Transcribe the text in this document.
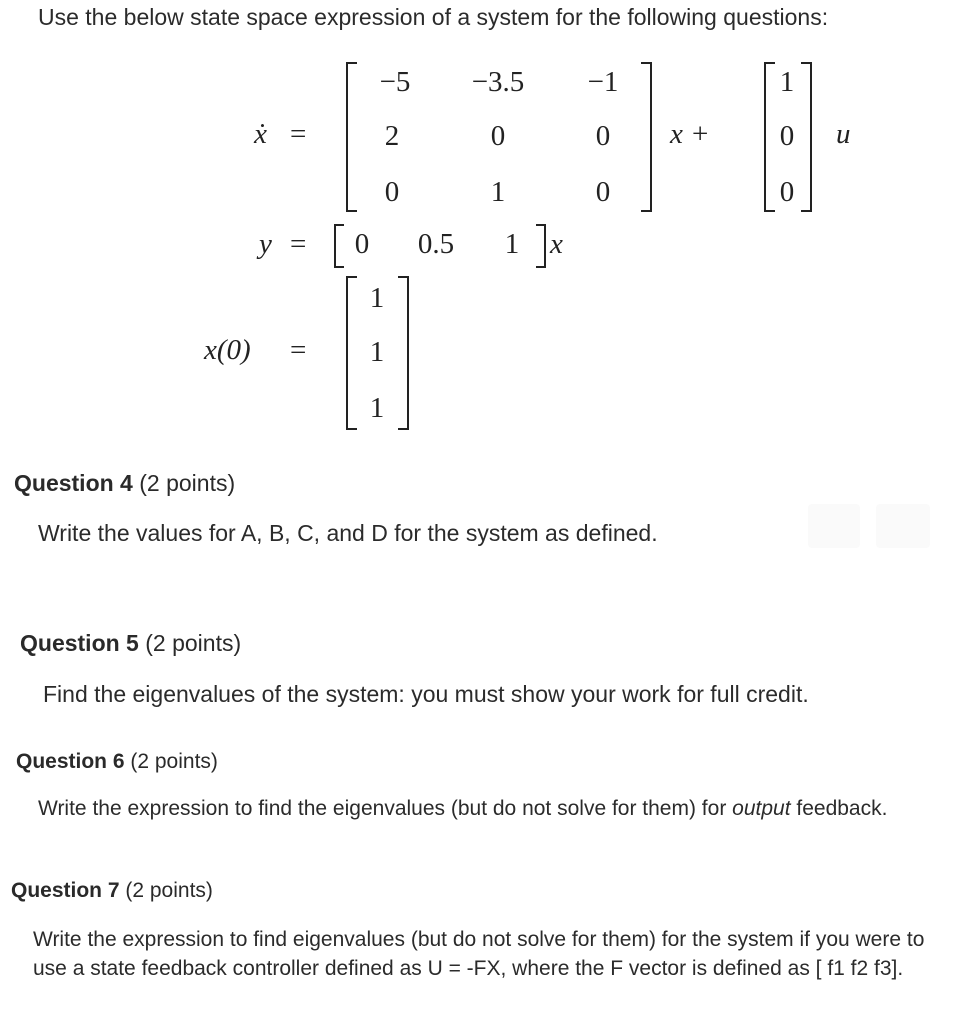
Use the below state space expression of a system for the following questions:
ẋ =
−5	−3.5	−1
2	0	0
0	1	0
x +
1
0
0
u
y =	0	0.5	1	x
x(0) =
1
1
1
Question 4 (2 points)
Write the values for A, B, C, and D for the system as defined.
Question 5 (2 points)
Find the eigenvalues of the system: you must show your work for full credit.
Question 6 (2 points)
Write the expression to find the eigenvalues (but do not solve for them) for output feedback.
Question 7 (2 points)
Write the expression to find eigenvalues (but do not solve for them) for the system if you were to use a state feedback controller defined as U = -FX, where the F vector is defined as [ f1 f2 f3].
